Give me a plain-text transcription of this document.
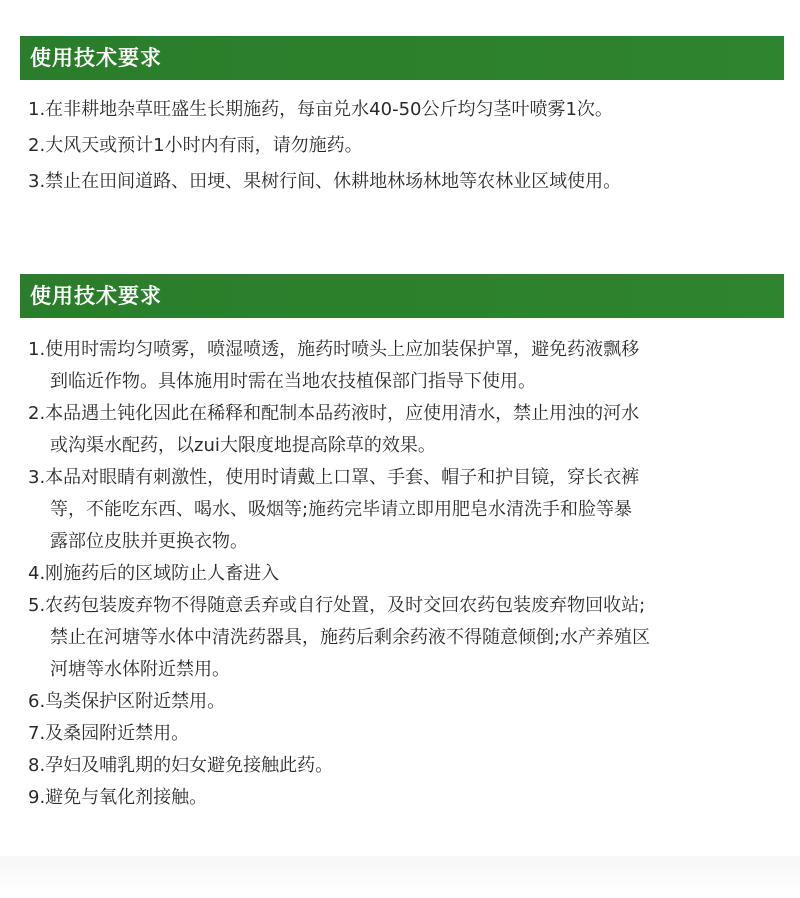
使用技术要求
1.在非耕地杂草旺盛生长期施药，每亩兑水40-50公斤均匀茎叶喷雾1次。
2.大风天或预计1小时内有雨，请勿施药。
3.禁止在田间道路、田埂、果树行间、休耕地林场林地等农林业区域使用。
使用技术要求
1.使用时需均匀喷雾，喷湿喷透，施药时喷头上应加装保护罩，避免药液飘移
到临近作物。具体施用时需在当地农技植保部门指导下使用。
2.本品遇土钝化因此在稀释和配制本品药液时，应使用清水，禁止用浊的河水
或沟渠水配药，以zui大限度地提高除草的效果。
3.本品对眼睛有刺激性，使用时请戴上口罩、手套、帽子和护目镜，穿长衣裤
等，不能吃东西、喝水、吸烟等;施药完毕请立即用肥皂水清洗手和脸等暴
露部位皮肤并更换衣物。
4.刚施药后的区域防止人畜进入
5.农药包装废弃物不得随意丢弃或自行处置，及时交回农药包装废弃物回收站;
禁止在河塘等水体中清洗药器具，施药后剩余药液不得随意倾倒;水产养殖区
河塘等水体附近禁用。
6.鸟类保护区附近禁用。
7.及桑园附近禁用。
8.孕妇及哺乳期的妇女避免接触此药。
9.避免与氧化剂接触。
